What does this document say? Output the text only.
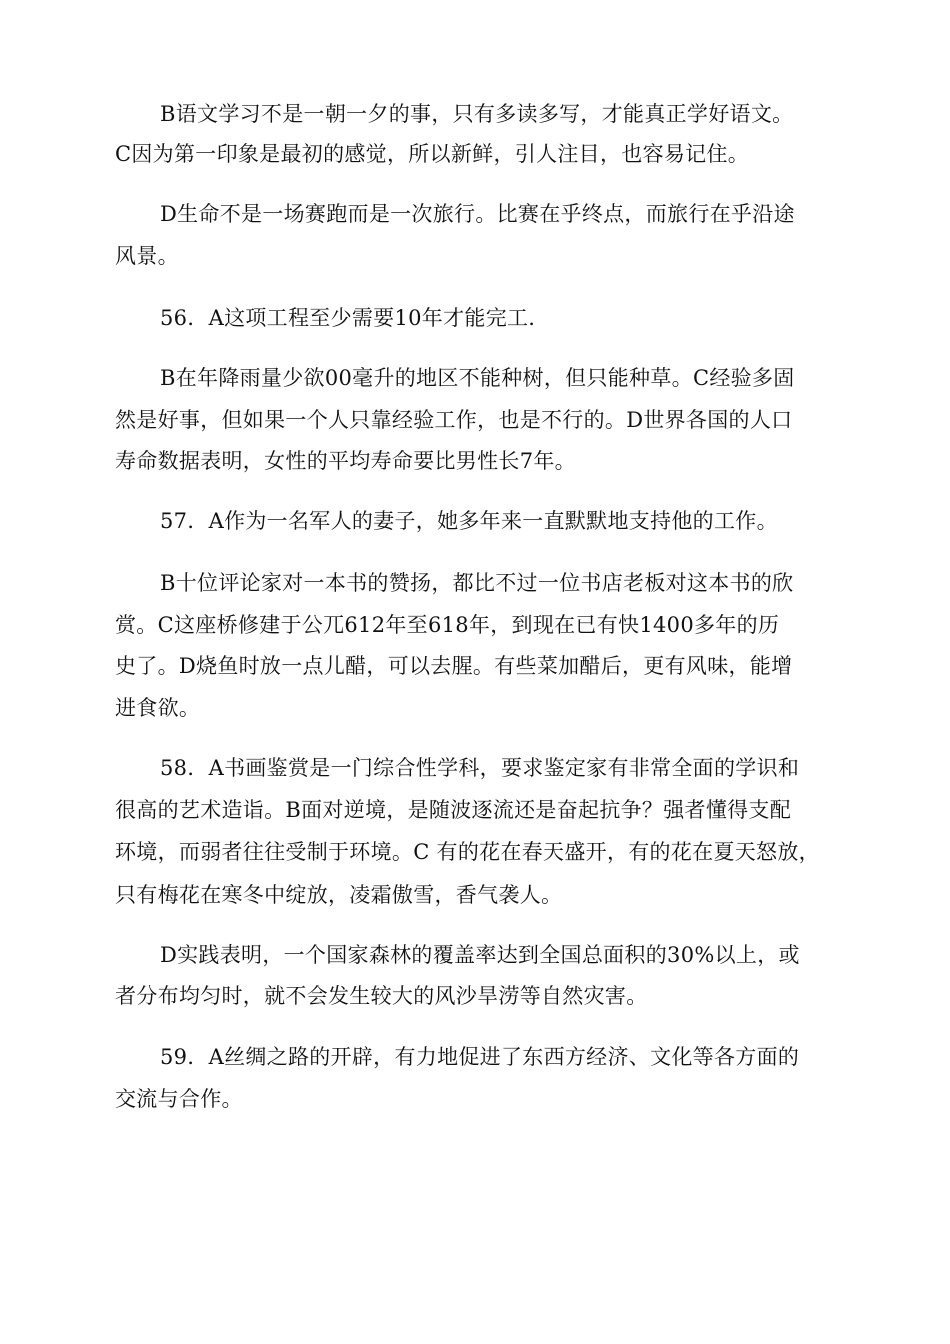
B语文学习不是一朝一夕的事，只有多读多写，才能真正学好语文。
C因为第一印象是最初的感觉，所以新鲜，引人注目，也容易记住。
D生命不是一场赛跑而是一次旅行。比赛在乎终点，而旅行在乎沿途
风景。
56．A这项工程至少需要10年才能完工.
B在年降雨量少欲00毫升的地区不能种树，但只能种草。C经验多固
然是好事，但如果一个人只靠经验工作，也是不行的。D世界各国的人口
寿命数据表明，女性的平均寿命要比男性长7年。
57．A作为一名军人的妻子，她多年来一直默默地支持他的工作。
B十位评论家对一本书的赞扬，都比不过一位书店老板对这本书的欣
赏。C这座桥修建于公兀612年至618年，到现在已有快1400多年的历
史了。D烧鱼时放一点儿醋，可以去腥。有些菜加醋后，更有风味，能增
进食欲。
58．A书画鉴赏是一门综合性学科，要求鉴定家有非常全面的学识和
很高的艺术造诣。B面对逆境，是随波逐流还是奋起抗争？强者懂得支配
环境，而弱者往往受制于环境。C 有的花在春天盛开，有的花在夏天怒放，
只有梅花在寒冬中绽放，凌霜傲雪，香气袭人。
D实践表明，一个国家森林的覆盖率达到全国总面积的30%以上，或
者分布均匀时，就不会发生较大的风沙旱涝等自然灾害。
59．A丝绸之路的开辟，有力地促进了东西方经济、文化等各方面的
交流与合作。
